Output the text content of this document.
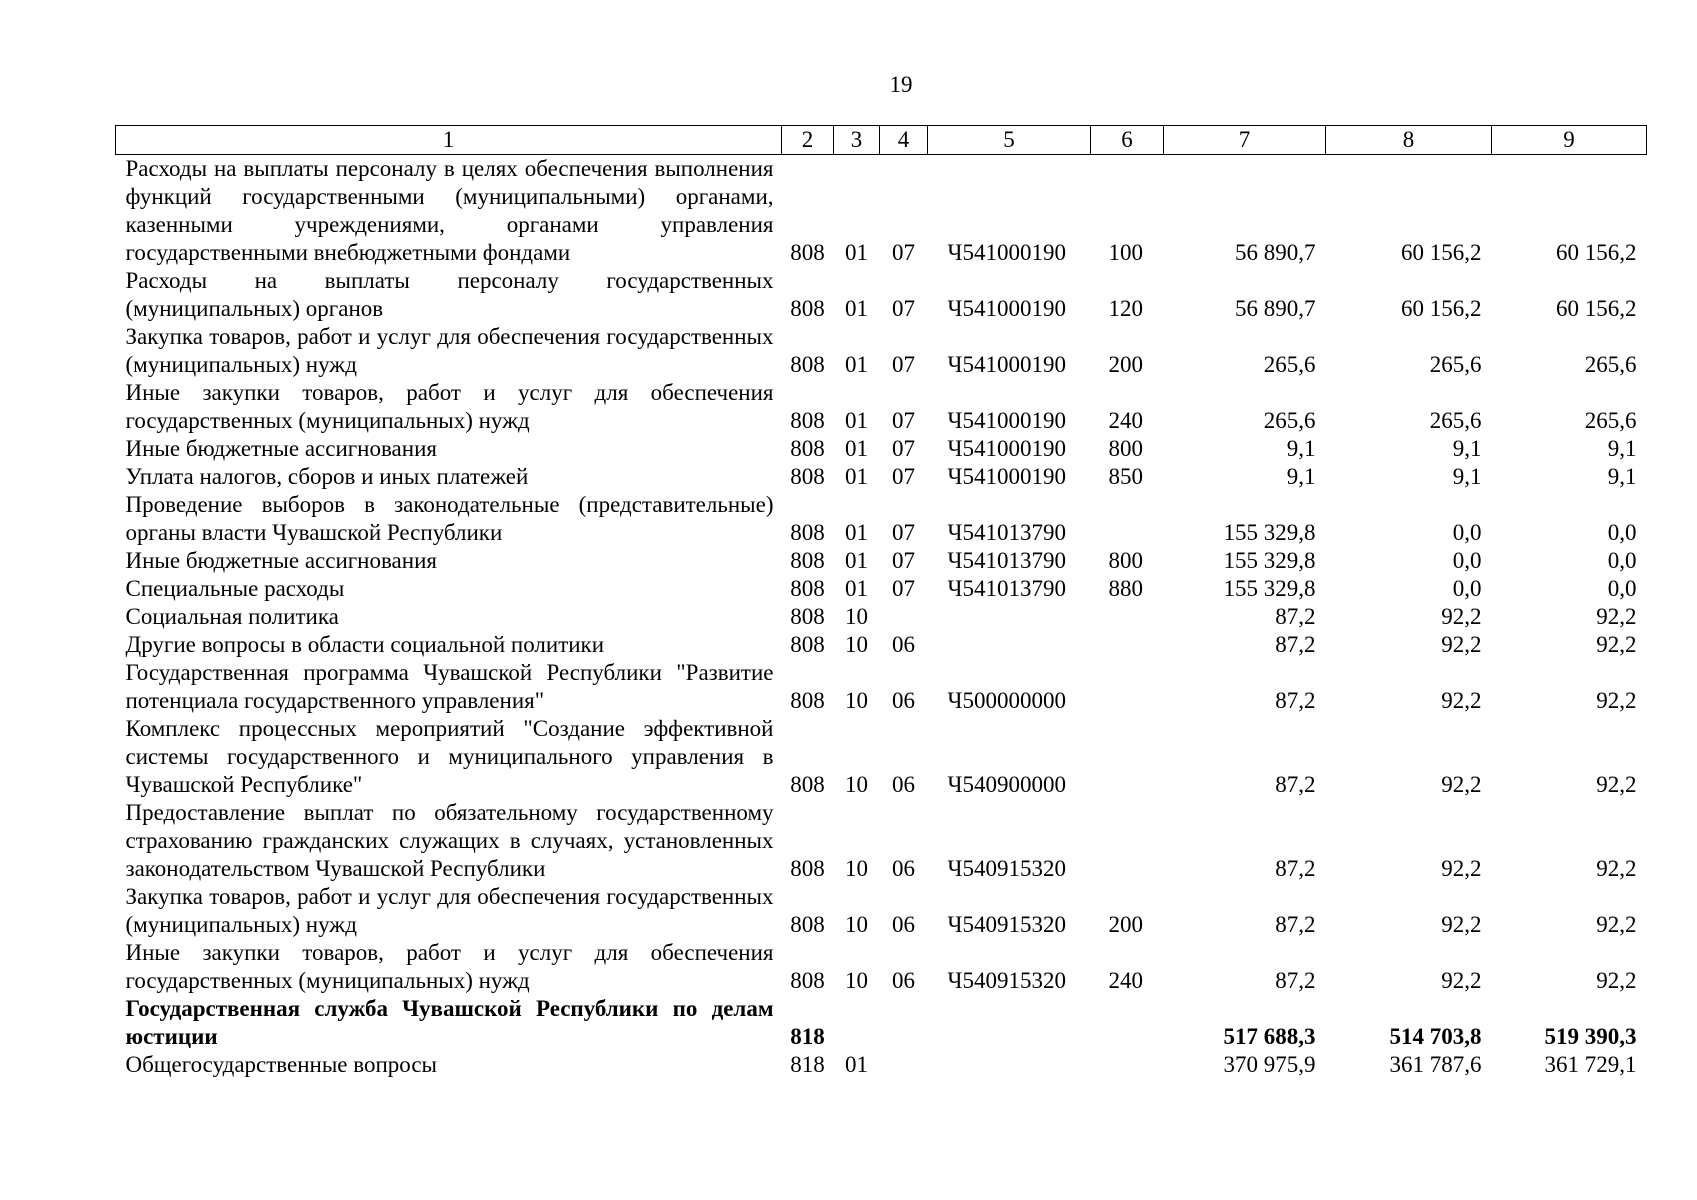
19
1	2	3	4	5	6	7	8	9
Расходы на выплаты персоналу в целях обеспечения выполнения функций государственными (муниципальными) органами, казенными учреждениями, органами управления государственными внебюджетными фондами	808	01	07	Ч541000190	100	56 890,7	60 156,2	60 156,2
Расходы на выплаты персоналу государственных (муниципальных) органов	808	01	07	Ч541000190	120	56 890,7	60 156,2	60 156,2
Закупка товаров, работ и услуг для обеспечения государственных (муниципальных) нужд	808	01	07	Ч541000190	200	265,6	265,6	265,6
Иные закупки товаров, работ и услуг для обеспечения государственных (муниципальных) нужд	808	01	07	Ч541000190	240	265,6	265,6	265,6
Иные бюджетные ассигнования	808	01	07	Ч541000190	800	9,1	9,1	9,1
Уплата налогов, сборов и иных платежей	808	01	07	Ч541000190	850	9,1	9,1	9,1
Проведение выборов в законодательные (представительные) органы власти Чувашской Республики	808	01	07	Ч541013790		155 329,8	0,0	0,0
Иные бюджетные ассигнования	808	01	07	Ч541013790	800	155 329,8	0,0	0,0
Специальные расходы	808	01	07	Ч541013790	880	155 329,8	0,0	0,0
Социальная политика	808	10				87,2	92,2	92,2
Другие вопросы в области социальной политики	808	10	06			87,2	92,2	92,2
Государственная программа Чувашской Республики "Развитие потенциала государственного управления"	808	10	06	Ч500000000		87,2	92,2	92,2
Комплекс процессных мероприятий "Создание эффективной системы государственного и муниципального управления в Чувашской Республике"	808	10	06	Ч540900000		87,2	92,2	92,2
Предоставление выплат по обязательному государственному страхованию гражданских служащих в случаях, установленных законодательством Чувашской Республики	808	10	06	Ч540915320		87,2	92,2	92,2
Закупка товаров, работ и услуг для обеспечения государственных (муниципальных) нужд	808	10	06	Ч540915320	200	87,2	92,2	92,2
Иные закупки товаров, работ и услуг для обеспечения государственных (муниципальных) нужд	808	10	06	Ч540915320	240	87,2	92,2	92,2
Государственная служба Чувашской Республики по делам юстиции	818					517 688,3	514 703,8	519 390,3
Общегосударственные вопросы	818	01				370 975,9	361 787,6	361 729,1
